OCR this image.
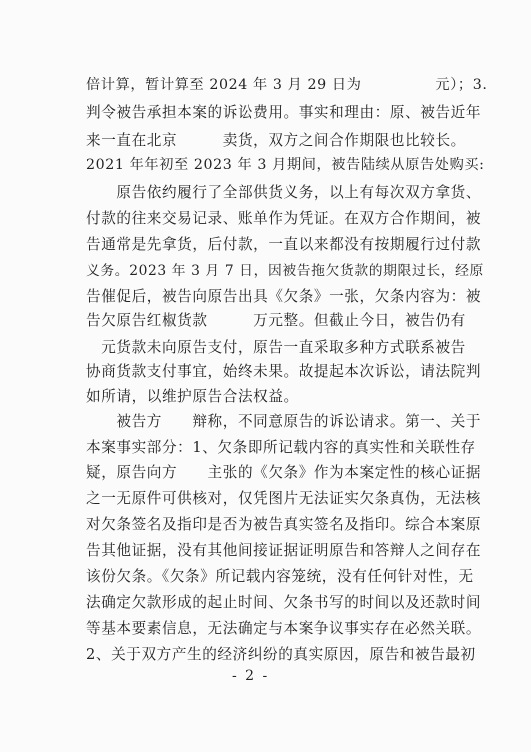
倍计算，暂计算至 2024 年 3 月 29 日为　　　　　元）；3.
判令被告承担本案的诉讼费用。事实和理由：原、被告近年
来一直在北京　　　卖货，双方之间合作期限也比较长。
2021 年年初至 2023 年 3 月期间，被告陆续从原告处购买:
　　原告依约履行了全部供货义务，以上有每次双方拿货、
付款的往来交易记录、账单作为凭证。在双方合作期间，被
告通常是先拿货，后付款，一直以来都没有按期履行过付款
义务。2023 年 3 月 7 日，因被告拖欠货款的期限过长，经原
告催促后，被告向原告出具《欠条》一张，欠条内容为：被
告欠原告红椒货款　　　万元整。但截止今日，被告仍有
　元货款未向原告支付，原告一直采取多种方式联系被告
协商货款支付事宜，始终未果。故提起本次诉讼，请法院判
如所请，以维护原告合法权益。
　　被告方　　辩称，不同意原告的诉讼请求。第一、关于
本案事实部分：1、欠条即所记载内容的真实性和关联性存
疑，原告向方　　主张的《欠条》作为本案定性的核心证据
之一无原件可供核对，仅凭图片无法证实欠条真伪，无法核
对欠条签名及指印是否为被告真实签名及指印。综合本案原
告其他证据，没有其他间接证据证明原告和答辩人之间存在
该份欠条。《欠条》所记载内容笼统，没有任何针对性，无
法确定欠款形成的起止时间、欠条书写的时间以及还款时间
等基本要素信息，无法确定与本案争议事实存在必然关联。
2、关于双方产生的经济纠纷的真实原因，原告和被告最初
- 2 -
